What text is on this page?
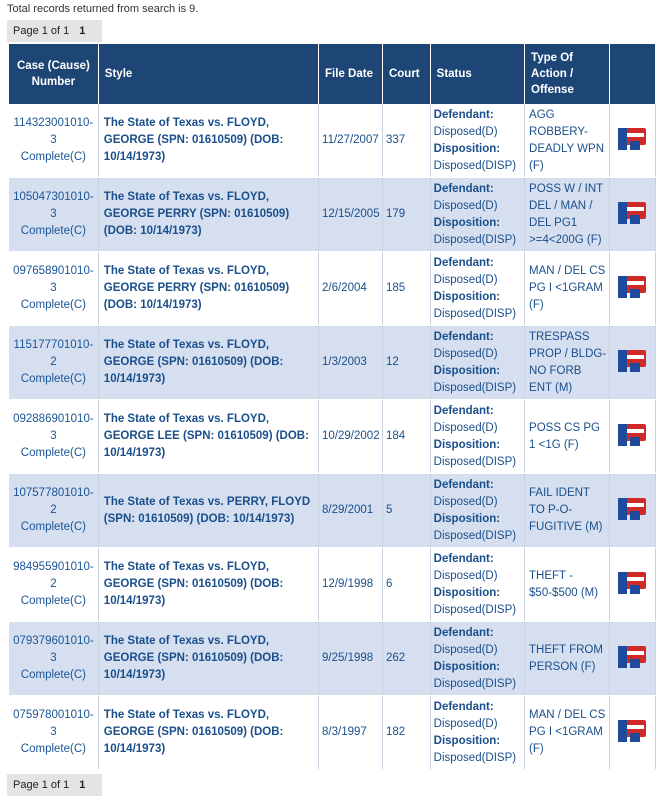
Total records returned from search is 9.
Page 1 of 1 1
Case (Cause) Number	Style	File Date	Court	Status	Type Of Action / Offense	
114323001010-3
Complete(C)	The State of Texas vs. FLOYD, GEORGE (SPN: 01610509) (DOB: 10/14/1973)	11/27/2007	337	Defendant:
Disposed(D)
Disposition:
Disposed(DISP)	AGG ROBBERY-DEADLY WPN (F)	

105047301010-3
Complete(C)	The State of Texas vs. FLOYD, GEORGE PERRY (SPN: 01610509) (DOB: 10/14/1973)	12/15/2005	179	Defendant:
Disposed(D)
Disposition:
Disposed(DISP)	POSS W / INT DEL / MAN / DEL PG1 >=4<200G (F)	

097658901010-3
Complete(C)	The State of Texas vs. FLOYD, GEORGE PERRY (SPN: 01610509) (DOB: 10/14/1973)	2/6/2004	185	Defendant:
Disposed(D)
Disposition:
Disposed(DISP)	MAN / DEL CS PG I <1GRAM (F)	

115177701010-2
Complete(C)	The State of Texas vs. FLOYD, GEORGE (SPN: 01610509) (DOB: 10/14/1973)	1/3/2003	12	Defendant:
Disposed(D)
Disposition:
Disposed(DISP)	TRESPASS PROP / BLDG-NO FORB ENT (M)	

092886901010-3
Complete(C)	The State of Texas vs. FLOYD, GEORGE LEE (SPN: 01610509) (DOB: 10/14/1973)	10/29/2002	184	Defendant:
Disposed(D)
Disposition:
Disposed(DISP)	POSS CS PG 1 <1G (F)	

107577801010-2
Complete(C)	The State of Texas vs. PERRY, FLOYD (SPN: 01610509) (DOB: 10/14/1973)	8/29/2001	5	Defendant:
Disposed(D)
Disposition:
Disposed(DISP)	FAIL IDENT TO P-O-FUGITIVE (M)	

984955901010-2
Complete(C)	The State of Texas vs. FLOYD, GEORGE (SPN: 01610509) (DOB: 10/14/1973)	12/9/1998	6	Defendant:
Disposed(D)
Disposition:
Disposed(DISP)	THEFT - $50-$500 (M)	

079379601010-3
Complete(C)	The State of Texas vs. FLOYD, GEORGE (SPN: 01610509) (DOB: 10/14/1973)	9/25/1998	262	Defendant:
Disposed(D)
Disposition:
Disposed(DISP)	THEFT FROM PERSON (F)	

075978001010-3
Complete(C)	The State of Texas vs. FLOYD, GEORGE (SPN: 01610509) (DOB: 10/14/1973)	8/3/1997	182	Defendant:
Disposed(D)
Disposition:
Disposed(DISP)	MAN / DEL CS PG I <1GRAM (F)	
Page 1 of 1 1
